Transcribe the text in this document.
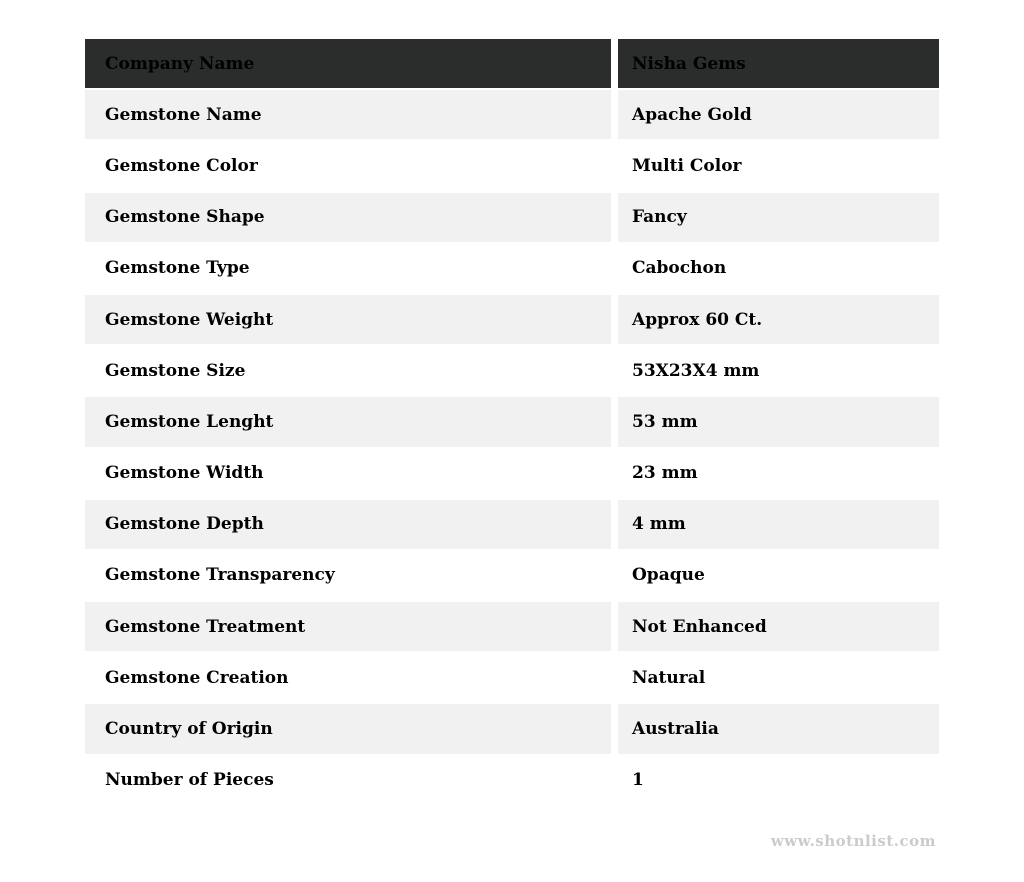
Company Name	Nisha Gems
Gemstone Name	Apache Gold
Gemstone Color	Multi Color
Gemstone Shape	Fancy
Gemstone Type	Cabochon
Gemstone Weight	Approx 60 Ct.
Gemstone Size	53X23X4 mm
Gemstone Lenght	53 mm
Gemstone Width	23 mm
Gemstone Depth	4 mm
Gemstone Transparency	Opaque
Gemstone Treatment	Not Enhanced
Gemstone Creation	Natural
Country of Origin	Australia
Number of Pieces	1
www.shotnlist.com
